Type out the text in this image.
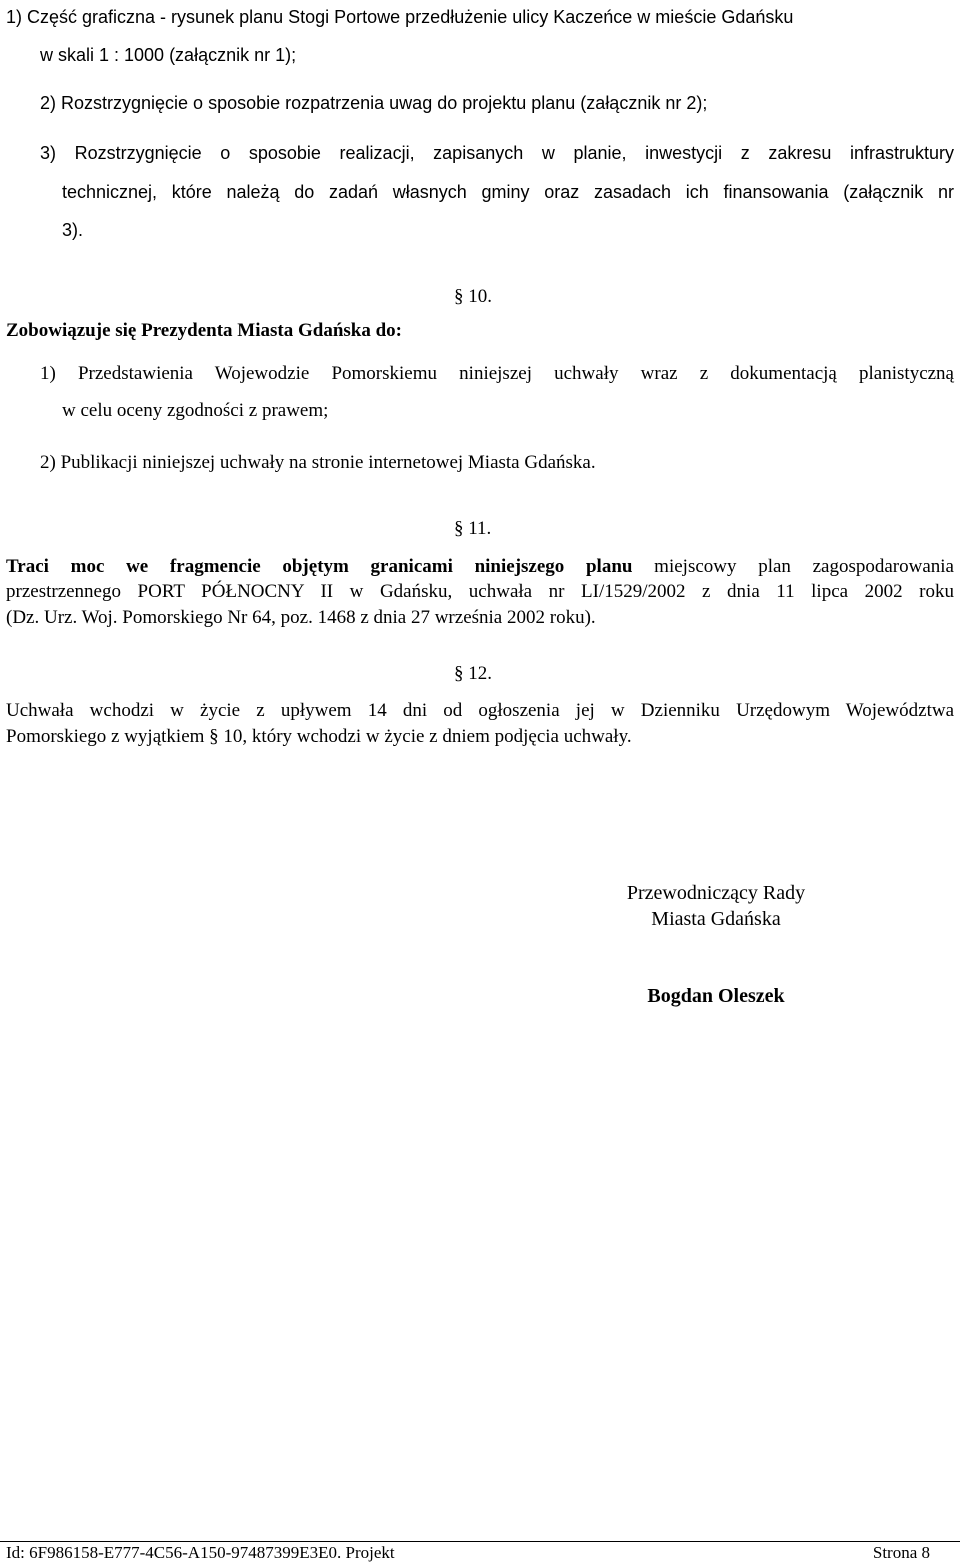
1) Część graficzna - rysunek planu Stogi Portowe przedłużenie ulicy Kaczeńce w mieście Gdańsku
w skali 1 : 1000 (załącznik nr 1);
2) Rozstrzygnięcie o sposobie rozpatrzenia uwag do projektu planu (załącznik nr 2);
3) Rozstrzygnięcie o sposobie realizacji, zapisanych w planie, inwestycji z zakresu infrastruktury
technicznej, które należą do zadań własnych gminy oraz zasadach ich finansowania (załącznik nr
3).
§ 10.
Zobowiązuje się Prezydenta Miasta Gdańska do:
1) Przedstawienia Wojewodzie Pomorskiemu niniejszej uchwały wraz z dokumentacją planistyczną
w celu oceny zgodności z prawem;
2) Publikacji niniejszej uchwały na stronie internetowej Miasta Gdańska.
§ 11.
Traci moc we fragmencie objętym granicami niniejszego planu miejscowy plan zagospodarowania
przestrzennego PORT PÓŁNOCNY II w Gdańsku, uchwała nr LI/1529/2002 z dnia 11 lipca 2002 roku
(Dz. Urz. Woj. Pomorskiego Nr 64, poz. 1468 z dnia 27 września 2002 roku).
§ 12.
Uchwała wchodzi w życie z upływem 14 dni od ogłoszenia jej w Dzienniku Urzędowym Województwa
Pomorskiego z wyjątkiem § 10, który wchodzi w życie z dniem podjęcia uchwały.
Przewodniczący Rady
Miasta Gdańska
Bogdan Oleszek
Id: 6F986158-E777-4C56-A150-97487399E3E0. Projekt	Strona 8
